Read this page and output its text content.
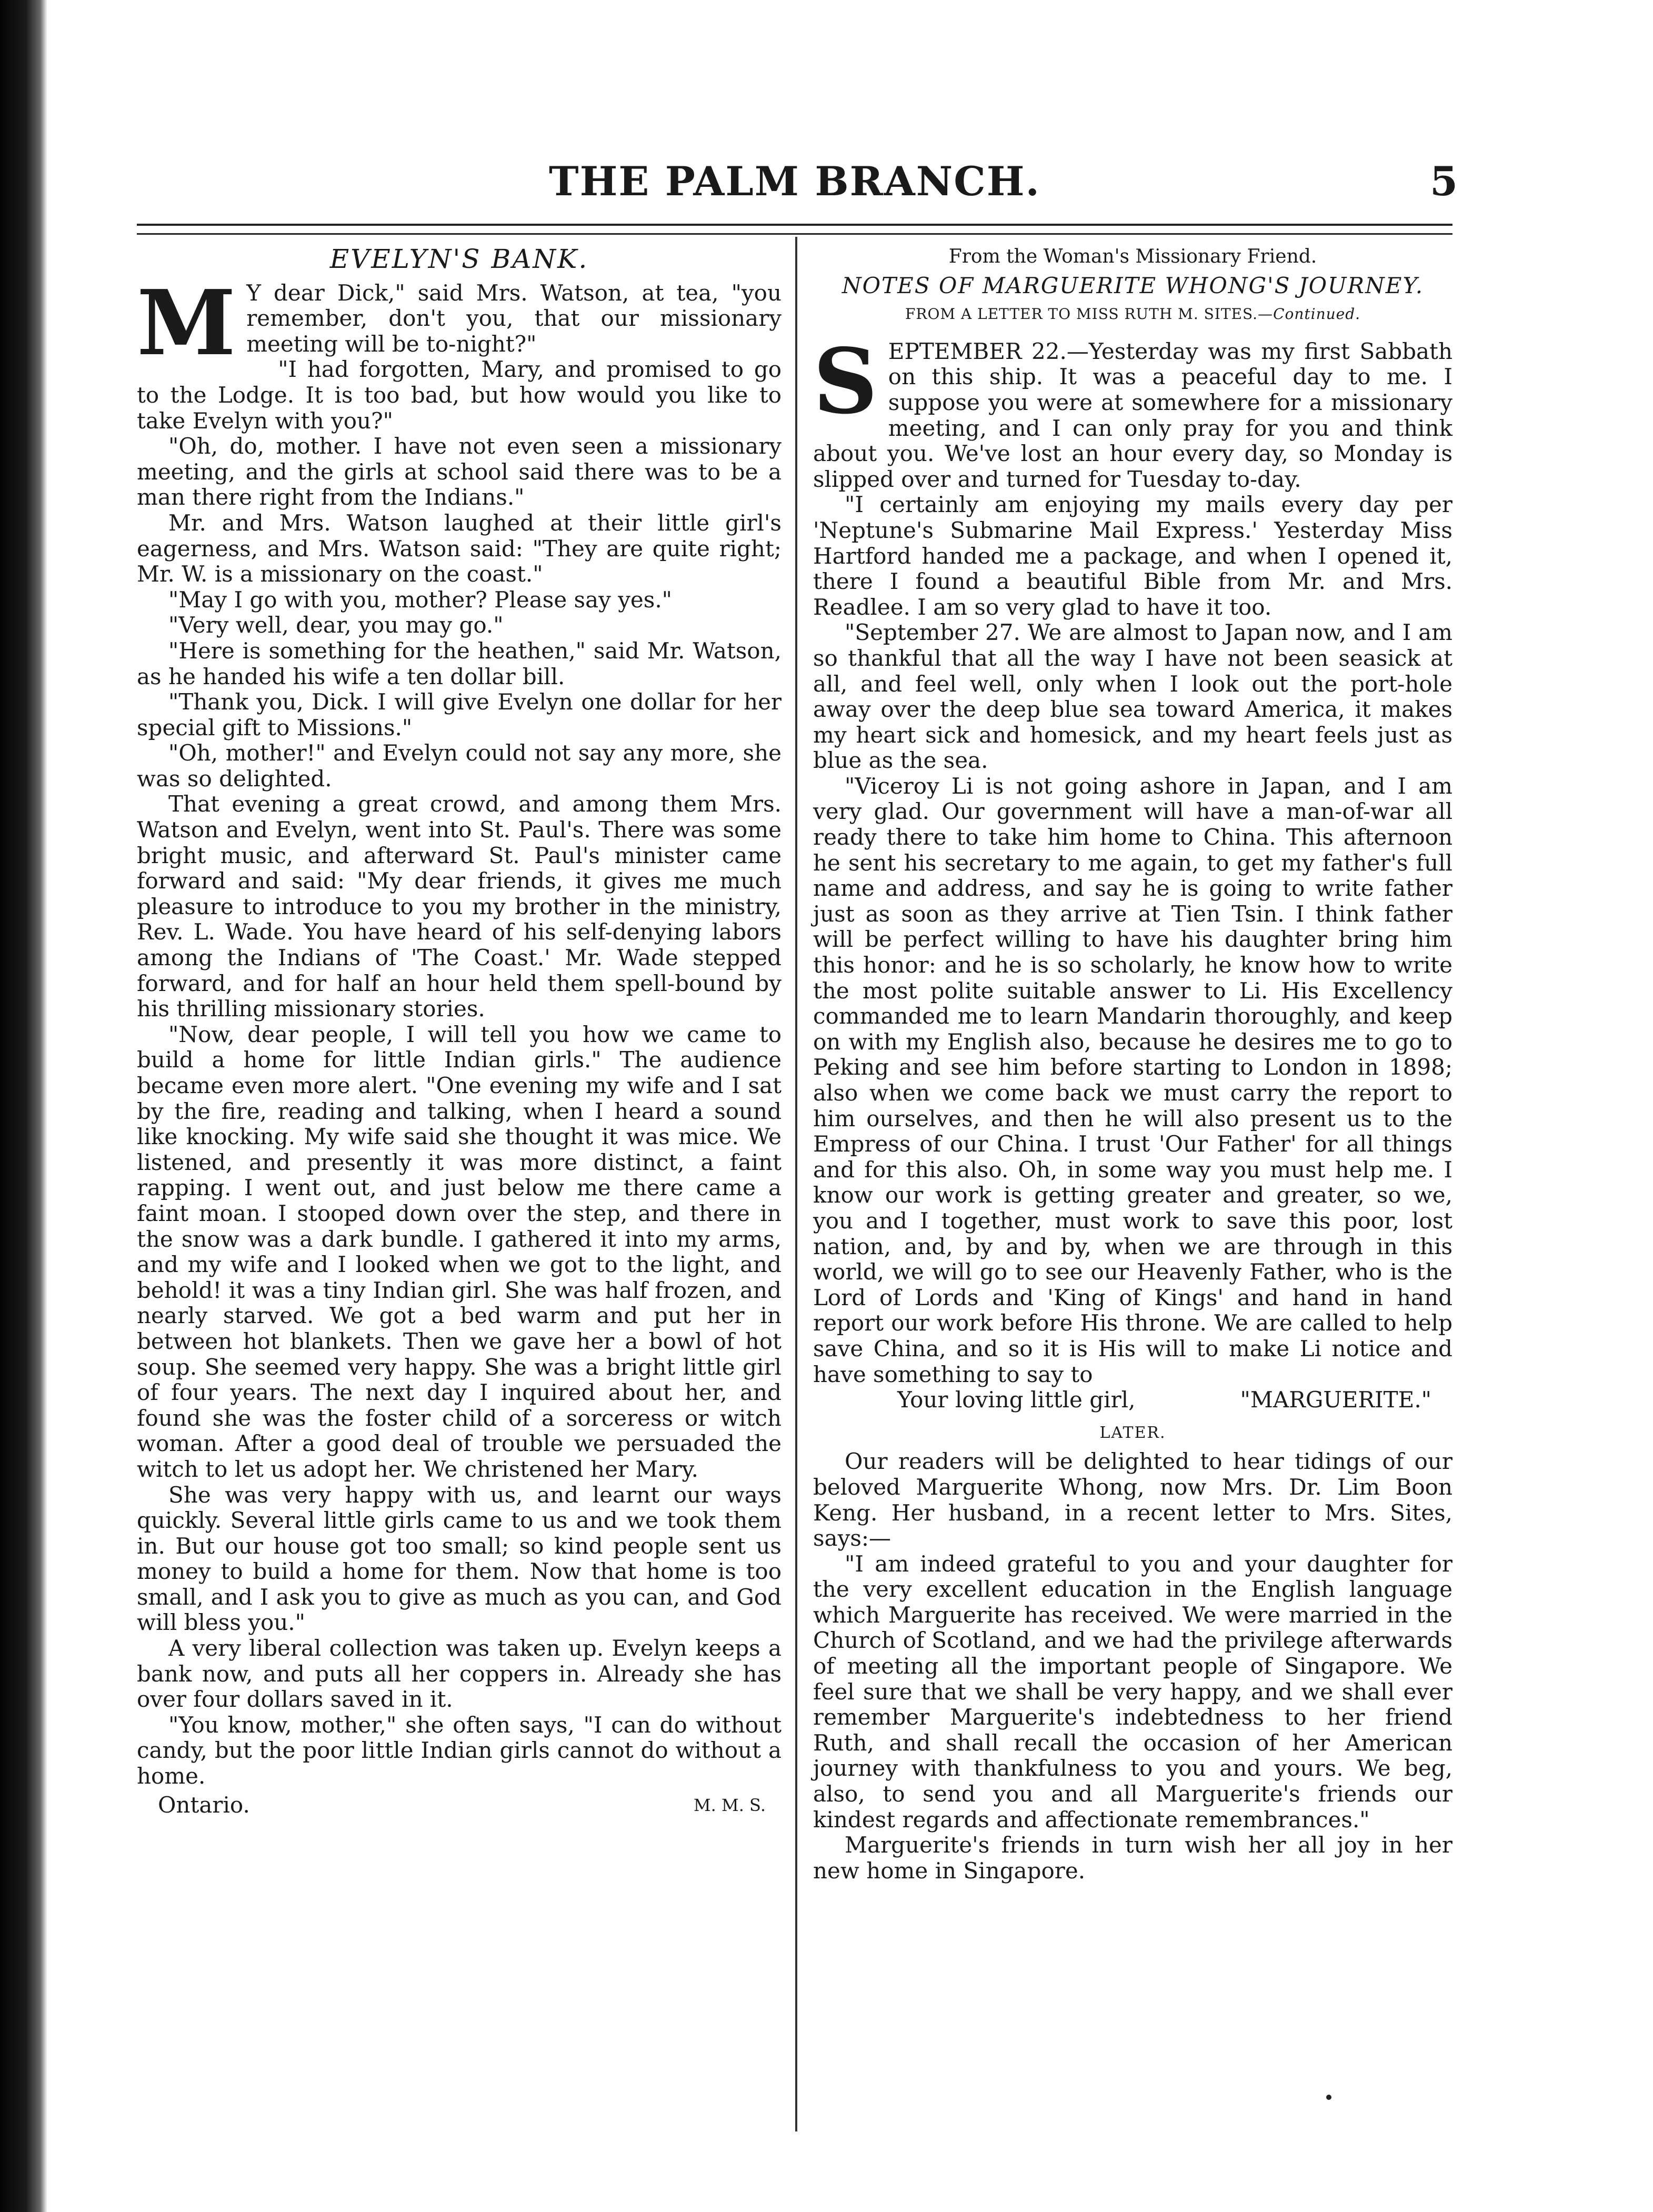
THE PALM BRANCH.	5
EVELYN'S BANK.
M Y dear Dick," said Mrs. Watson, at tea, "you remember, don't you, that our missionary meeting will be to-night?"

"I had forgotten, Mary, and promised to go to the Lodge. It is too bad, but how would you like to take Evelyn with you?"

"Oh, do, mother. I have not even seen a missionary meeting, and the girls at school said there was to be a man there right from the Indians."

Mr. and Mrs. Watson laughed at their little girl's eagerness, and Mrs. Watson said: "They are quite right; Mr. W. is a missionary on the coast."

"May I go with you, mother? Please say yes."

"Very well, dear, you may go."

"Here is something for the heathen," said Mr. Watson, as he handed his wife a ten dollar bill.

"Thank you, Dick. I will give Evelyn one dollar for her special gift to Missions."

"Oh, mother!" and Evelyn could not say any more, she was so delighted.

That evening a great crowd, and among them Mrs. Watson and Evelyn, went into St. Paul's. There was some bright music, and afterward St. Paul's minister came forward and said: "My dear friends, it gives me much pleasure to introduce to you my brother in the ministry, Rev. L. Wade. You have heard of his self-denying labors among the Indians of 'The Coast.' Mr. Wade stepped forward, and for half an hour held them spell-bound by his thrilling missionary stories.

"Now, dear people, I will tell you how we came to build a home for little Indian girls." The audience became even more alert. "One evening my wife and I sat by the fire, reading and talking, when I heard a sound like knocking. My wife said she thought it was mice. We listened, and presently it was more distinct, a faint rapping. I went out, and just below me there came a faint moan. I stooped down over the step, and there in the snow was a dark bundle. I gathered it into my arms, and my wife and I looked when we got to the light, and behold! it was a tiny Indian girl. She was half frozen, and nearly starved. We got a bed warm and put her in between hot blankets. Then we gave her a bowl of hot soup. She seemed very happy. She was a bright little girl of four years. The next day I inquired about her, and found she was the foster child of a sorceress or witch woman. After a good deal of trouble we persuaded the witch to let us adopt her. We christened her Mary.

She was very happy with us, and learnt our ways quickly. Several little girls came to us and we took them in. But our house got too small; so kind people sent us money to build a home for them. Now that home is too small, and I ask you to give as much as you can, and God will bless you."

A very liberal collection was taken up. Evelyn keeps a bank now, and puts all her coppers in. Already she has over four dollars saved in it.

"You know, mother," she often says, "I can do without candy, but the poor little Indian girls cannot do without a home.

Ontario.	M. M. S.
From the Woman's Missionary Friend.
NOTES OF MARGUERITE WHONG'S JOURNEY.
FROM A LETTER TO MISS RUTH M. SITES.—Continued.
S EPTEMBER 22.—Yesterday was my first Sabbath on this ship. It was a peaceful day to me. I suppose you were at somewhere for a missionary meeting, and I can only pray for you and think about you. We've lost an hour every day, so Monday is slipped over and turned for Tuesday to-day.

"I certainly am enjoying my mails every day per 'Neptune's Submarine Mail Express.' Yesterday Miss Hartford handed me a package, and when I opened it, there I found a beautiful Bible from Mr. and Mrs. Readlee. I am so very glad to have it too.

"September 27. We are almost to Japan now, and I am so thankful that all the way I have not been seasick at all, and feel well, only when I look out the port-hole away over the deep blue sea toward America, it makes my heart sick and homesick, and my heart feels just as blue as the sea.

"Viceroy Li is not going ashore in Japan, and I am very glad. Our government will have a man-of-war all ready there to take him home to China. This afternoon he sent his secretary to me again, to get my father's full name and address, and say he is going to write father just as soon as they arrive at Tien Tsin. I think father will be perfect willing to have his daughter bring him this honor: and he is so scholarly, he know how to write the most polite suitable answer to Li. His Excellency commanded me to learn Mandarin thoroughly, and keep on with my English also, because he desires me to go to Peking and see him before starting to London in 1898; also when we come back we must carry the report to him ourselves, and then he will also present us to the Empress of our China. I trust 'Our Father' for all things and for this also. Oh, in some way you must help me. I know our work is getting greater and greater, so we, you and I together, must work to save this poor, lost nation, and, by and by, when we are through in this world, we will go to see our Heavenly Father, who is the Lord of Lords and 'King of Kings' and hand in hand report our work before His throne. We are called to help save China, and so it is His will to make Li notice and have something to say to

Your loving little girl,	"MARGUERITE."
LATER.

Our readers will be delighted to hear tidings of our beloved Marguerite Whong, now Mrs. Dr. Lim Boon Keng. Her husband, in a recent letter to Mrs. Sites, says:—

"I am indeed grateful to you and your daughter for the very excellent education in the English language which Marguerite has received. We were married in the Church of Scotland, and we had the privilege afterwards of meeting all the important people of Singapore. We feel sure that we shall be very happy, and we shall ever remember Marguerite's indebtedness to her friend Ruth, and shall recall the occasion of her American journey with thankfulness to you and yours. We beg, also, to send you and all Marguerite's friends our kindest regards and affectionate remembrances."

Marguerite's friends in turn wish her all joy in her new home in Singapore.
